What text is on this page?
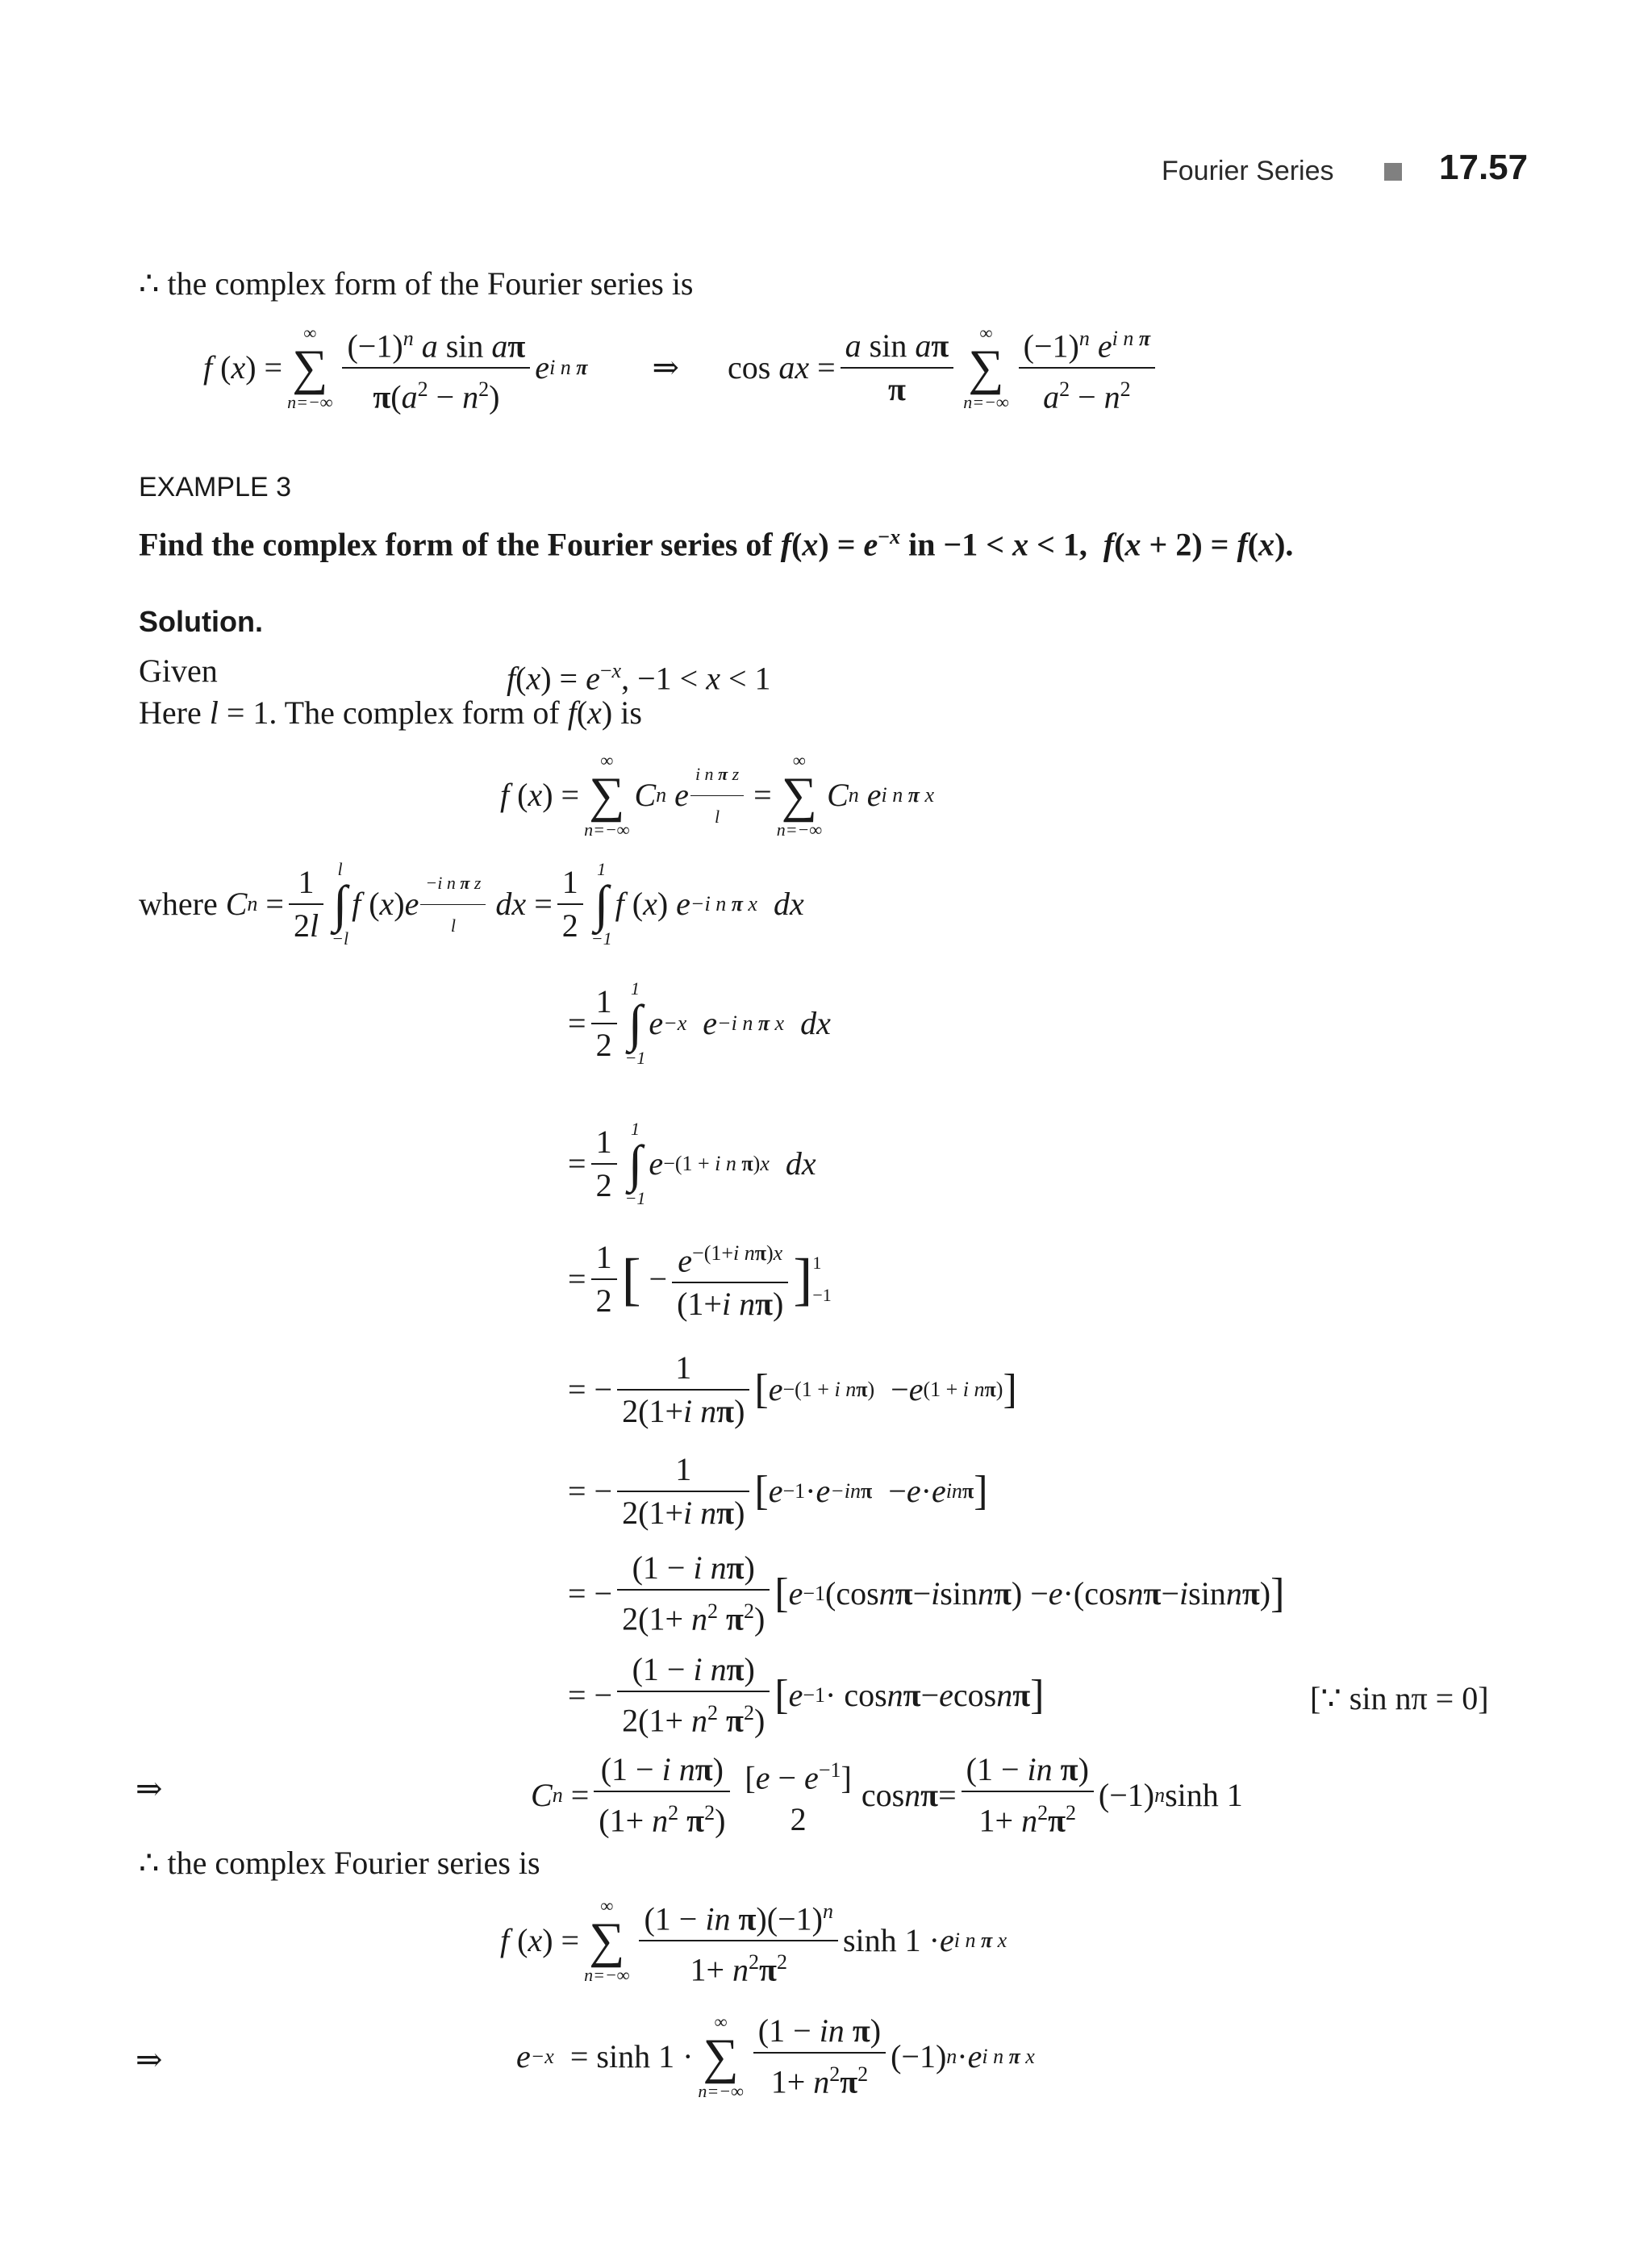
Fourier Series	17.57
∴ the complex form of the Fourier series is
f ( x ) =
∞
∑
$n=-\infty \frac{(-1)^n a \sin a\pi}{\pi(a^2 - n^2)}$ e i n π ⇒ cos ax = $\frac{\text{a sin aπ}}{\pi}$	∞
∑
$n=-\infty \frac{(-1)^n e^{i n \pi}}{a^2 - n^2}$
EXAMPLE 3
Find the complex form of the Fourier series of $f(x) = e^{-x}$ in −1 < x < 1,  f(x + 2) = f(x).
Solution.
Given	$f(x) = e^{-x}$, −1 < x < 1
Here l = 1. The complex form of f(x) is
f ( x ) =
∞
∑
n=−∞
C n
e $\frac{\text{i n π z}}{l}$ =
∞
∑
n=−∞
C n
e i n π x
where
C $n = \frac{1}{2l}$ l
∫
−l
f ( x ) e $\frac{\text{−i n π z}}{l}$
dx = $\frac{1}{2} 1$
∫
−1
f ( x ) e −i n π x
dx
= $\frac{1}{2} 1$
∫
−1
e −x
e −i n π x
dx
= $\frac{1}{2} 1$
∫
−1
e −(1 + i n π)x
dx
= $\frac{1}{2}$ [ − $\frac{e^{-(1+i n\pi)x}}{\text{(1+i nπ)}}$ ] 1
−1
= − $\frac{1}{\text{2(1+i nπ)}}$ [ e −(1 + i nπ) − e (1 + i nπ) ]
= − $\frac{1}{\text{2(1+i nπ)}}$ [ e −1 · e −inπ − e · e inπ ]
= − $\frac{\text{(1 − i nπ)}}{2(1+ n^2 \pi^2)}$ [ e −1 (cos n π − i sin n π ) − e ·(cos n π − i sin n π ) ]
= − $\frac{\text{(1 − i nπ)}}{2(1+ n^2 \pi^2)}$ [ e −1 · cos n π − e cos n π ]	[∵ sin nπ = 0]
⇒	C $n = \frac{\text{(1 − i nπ)}}{(1+ n^2 \pi^2)} [e - e^{-1}]$
2
cos n $\pi = \frac{\text{(1 − in π)}}{1+ n^2\pi^2} (-1)$ n sinh 1
∴ the complex Fourier series is
f ( x ) =
∞
∑
$n=-\infty \frac{(1 - in \pi)(-1)^n}{1+ n^2\pi^2}$ sinh 1 · e i n π x
⇒	e −x = sinh 1 ·
∞
∑
$n=-\infty \frac{\text{(1 − in π)}}{1+ n^2\pi^2} (-1) n \cdot e$ i n π x
